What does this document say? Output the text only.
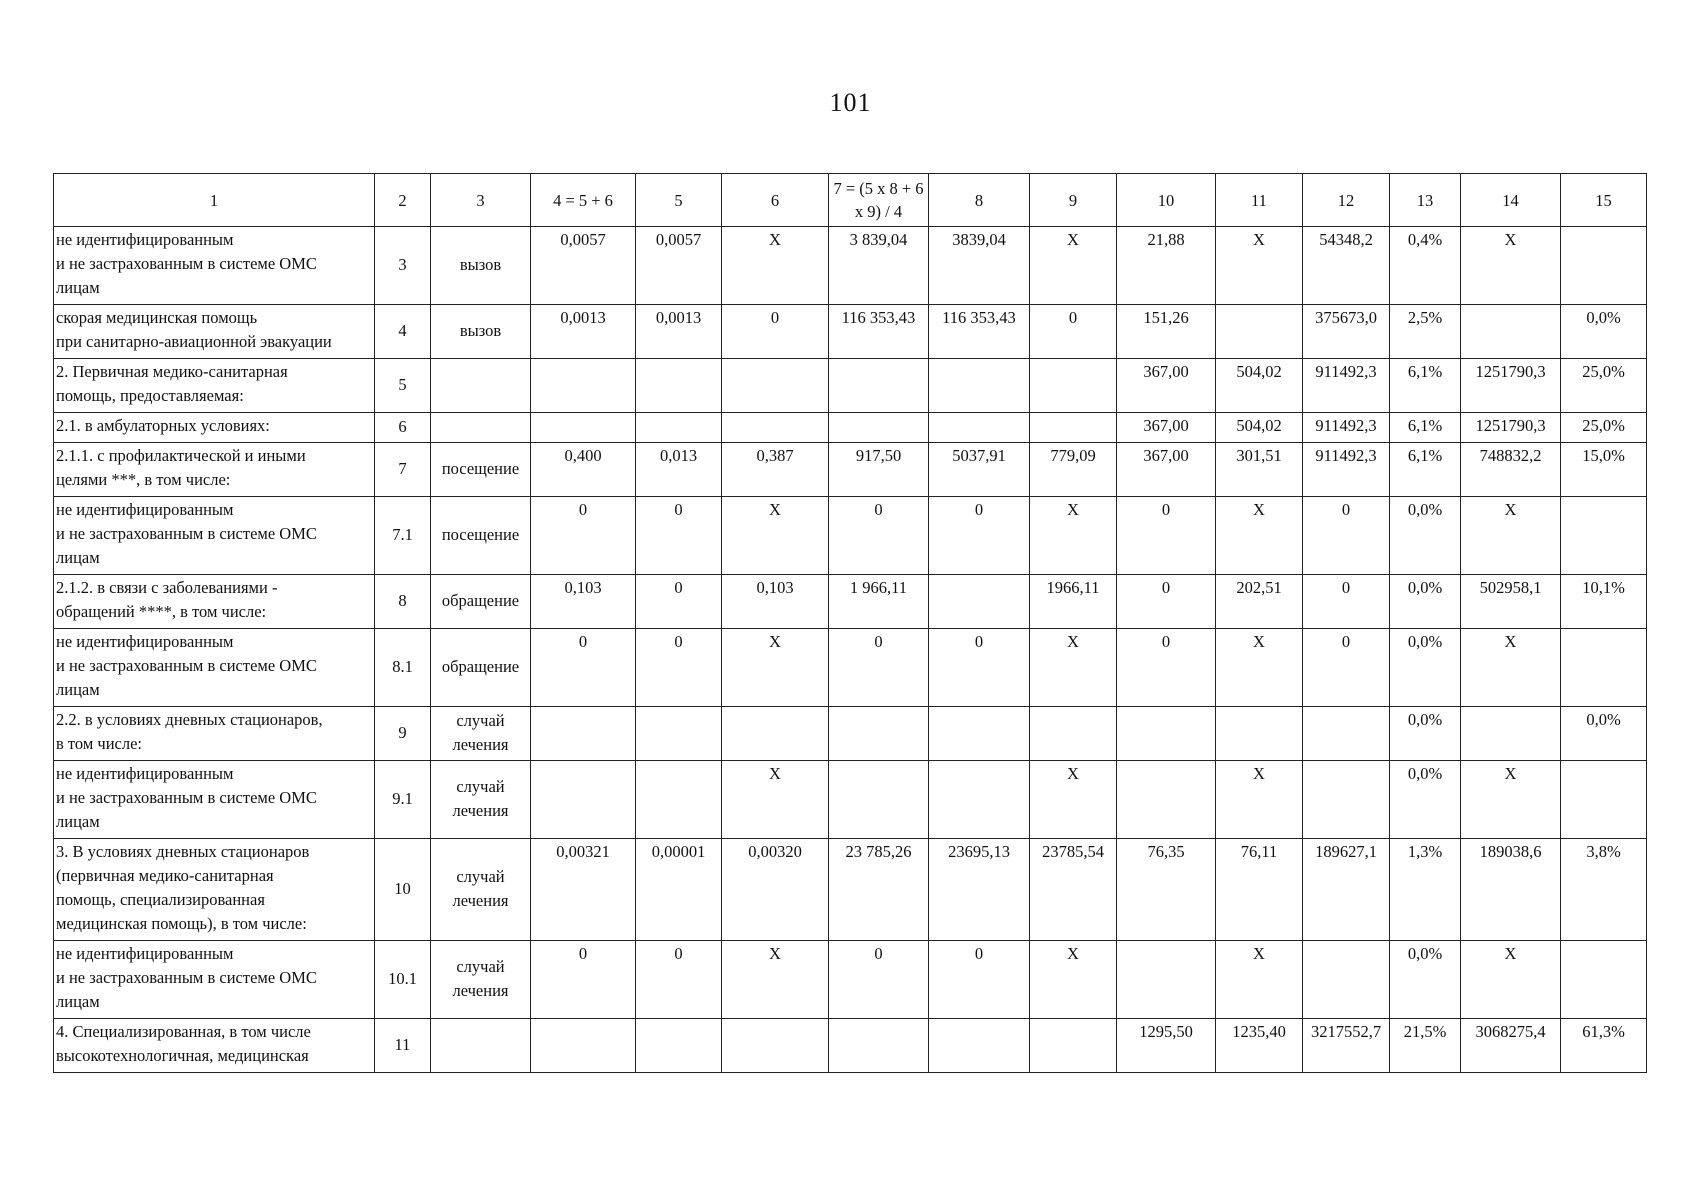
101
1	2	3	4 = 5 + 6	5	6	7 = (5 х 8 + 6 х 9) / 4	8	9	10	11	12	13	14	15

не идентифицированным
и не застрахованным в системе ОМС
лицам	3	вызов	0,0057	0,0057	Х	3 839,04	3839,04	Х	21,88	Х	54348,2	0,4%	Х	

скорая медицинская помощь
при санитарно-авиационной эвакуации	4	вызов	0,0013	0,0013	0	116 353,43	116 353,43	0	151,26		375673,0	2,5%		0,0%

2. Первичная медико-санитарная
помощь, предоставляемая:	5								367,00	504,02	911492,3	6,1%	1251790,3	25,0%

2.1. в амбулаторных условиях:	6								367,00	504,02	911492,3	6,1%	1251790,3	25,0%

2.1.1. с профилактической и иными
целями ***, в том числе:	7	посещение	0,400	0,013	0,387	917,50	5037,91	779,09	367,00	301,51	911492,3	6,1%	748832,2	15,0%

не идентифицированным
и не застрахованным в системе ОМС
лицам	7.1	посещение	0	0	Х	0	0	Х	0	Х	0	0,0%	Х	

2.1.2. в связи с заболеваниями -
обращений ****, в том числе:	8	обращение	0,103	0	0,103	1 966,11		1966,11	0	202,51	0	0,0%	502958,1	10,1%

не идентифицированным
и не застрахованным в системе ОМС
лицам	8.1	обращение	0	0	Х	0	0	Х	0	Х	0	0,0%	Х	

2.2. в условиях дневных стационаров,
в том числе:	9	случай лечения										0,0%		0,0%

не идентифицированным
и не застрахованным в системе ОМС
лицам	9.1	случай лечения			Х			Х		Х		0,0%	Х	

3. В условиях дневных стационаров
(первичная медико-санитарная
помощь, специализированная
медицинская помощь), в том числе:	10	случай лечения	0,00321	0,00001	0,00320	23 785,26	23695,13	23785,54	76,35	76,11	189627,1	1,3%	189038,6	3,8%

не идентифицированным
и не застрахованным в системе ОМС
лицам	10.1	случай лечения	0	0	Х	0	0	Х		Х		0,0%	Х	

4. Специализированная, в том числе
высокотехнологичная, медицинская	11								1295,50	1235,40	3217552,7	21,5%	3068275,4	61,3%
